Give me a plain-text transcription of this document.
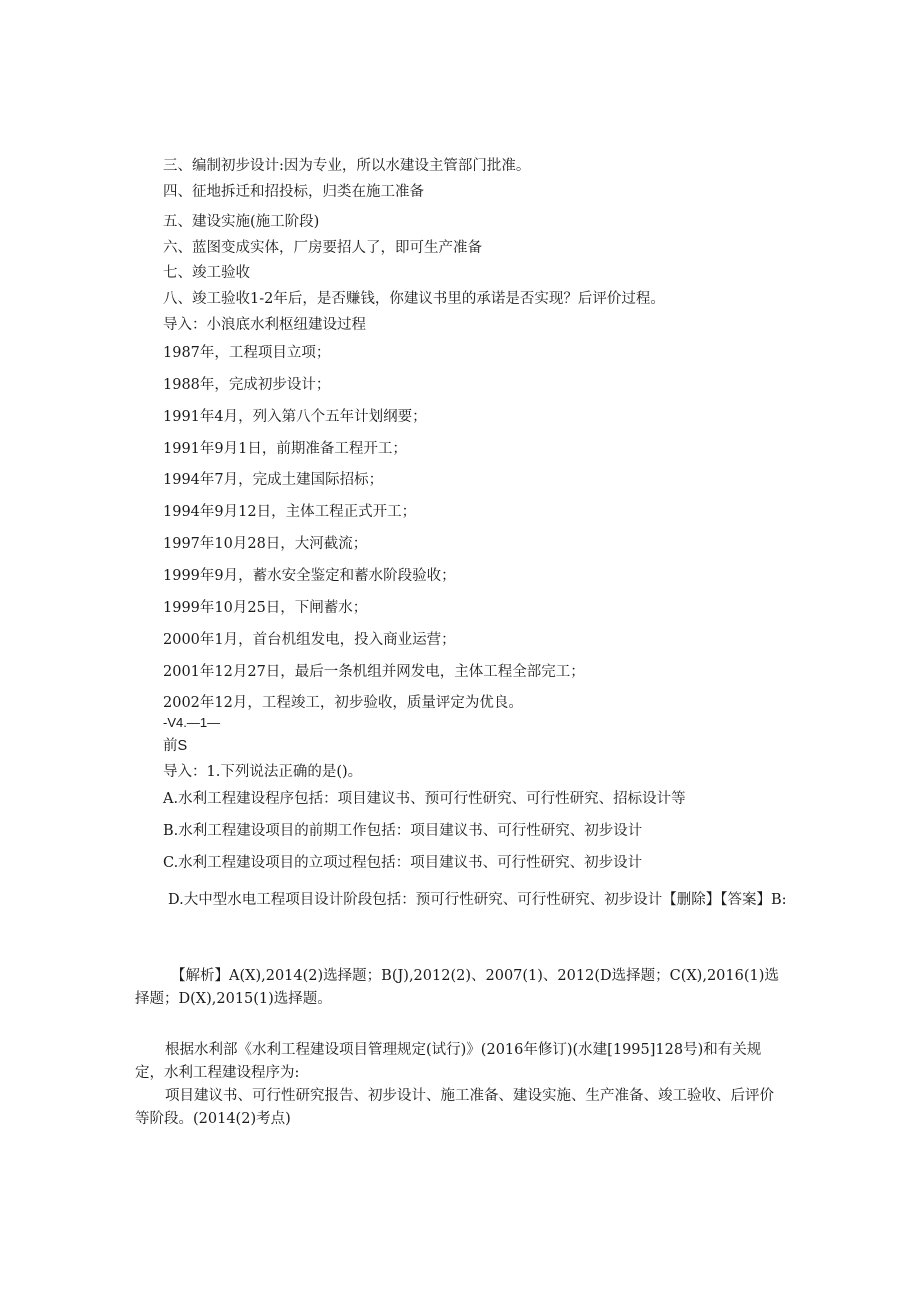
三、编制初步设计:因为专业，所以水建设主管部门批准。
四、征地拆迁和招投标，归类在施工准备
五、建设实施(施工阶段)
六、蓝图变成实体，厂房要招人了，即可生产准备
七、竣工验收
八、竣工验收1-2年后，是否赚钱，你建议书里的承诺是否实现？后评价过程。
导入：小浪底水利枢纽建设过程
1987年，工程项目立项；
1988年，完成初步设计；
1991年4月，列入第八个五年计划纲要；
1991年9月1日，前期准备工程开工；
1994年7月，完成土建国际招标；
1994年9月12日，主体工程正式开工；
1997年10月28日，大河截流；
1999年9月，蓄水安全鉴定和蓄水阶段验收；
1999年10月25日，下闸蓄水；
2000年1月，首台机组发电，投入商业运营；
2001年12月27日，最后一条机组并网发电，主体工程全部完工；
2002年12月，工程竣工，初步验收，质量评定为优良。
-V4.—1—
前S
导入：1.下列说法正确的是()。
A.水利工程建设程序包括：项目建议书、预可行性研究、可行性研究、招标设计等
B.水利工程建设项目的前期工作包括：项目建议书、可行性研究、初步设计
C.水利工程建设项目的立项过程包括：项目建议书、可行性研究、初步设计
D.大中型水电工程项目设计阶段包括：预可行性研究、可行性研究、初步设计【删除】【答案】B:
【解析】A(X),2014(2)选择题；B(J),2012(2)、2007(1)、2012(D选择题；C(X),2016(1)选择题；D(X),2015(1)选择题。
根据水利部《水利工程建设项目管理规定(试行)》(2016年修订)(水建[1995]128号)和有关规定，水利工程建设程序为:
项目建议书、可行性研究报告、初步设计、施工准备、建设实施、生产准备、竣工验收、后评价等阶段。(2014(2)考点)
